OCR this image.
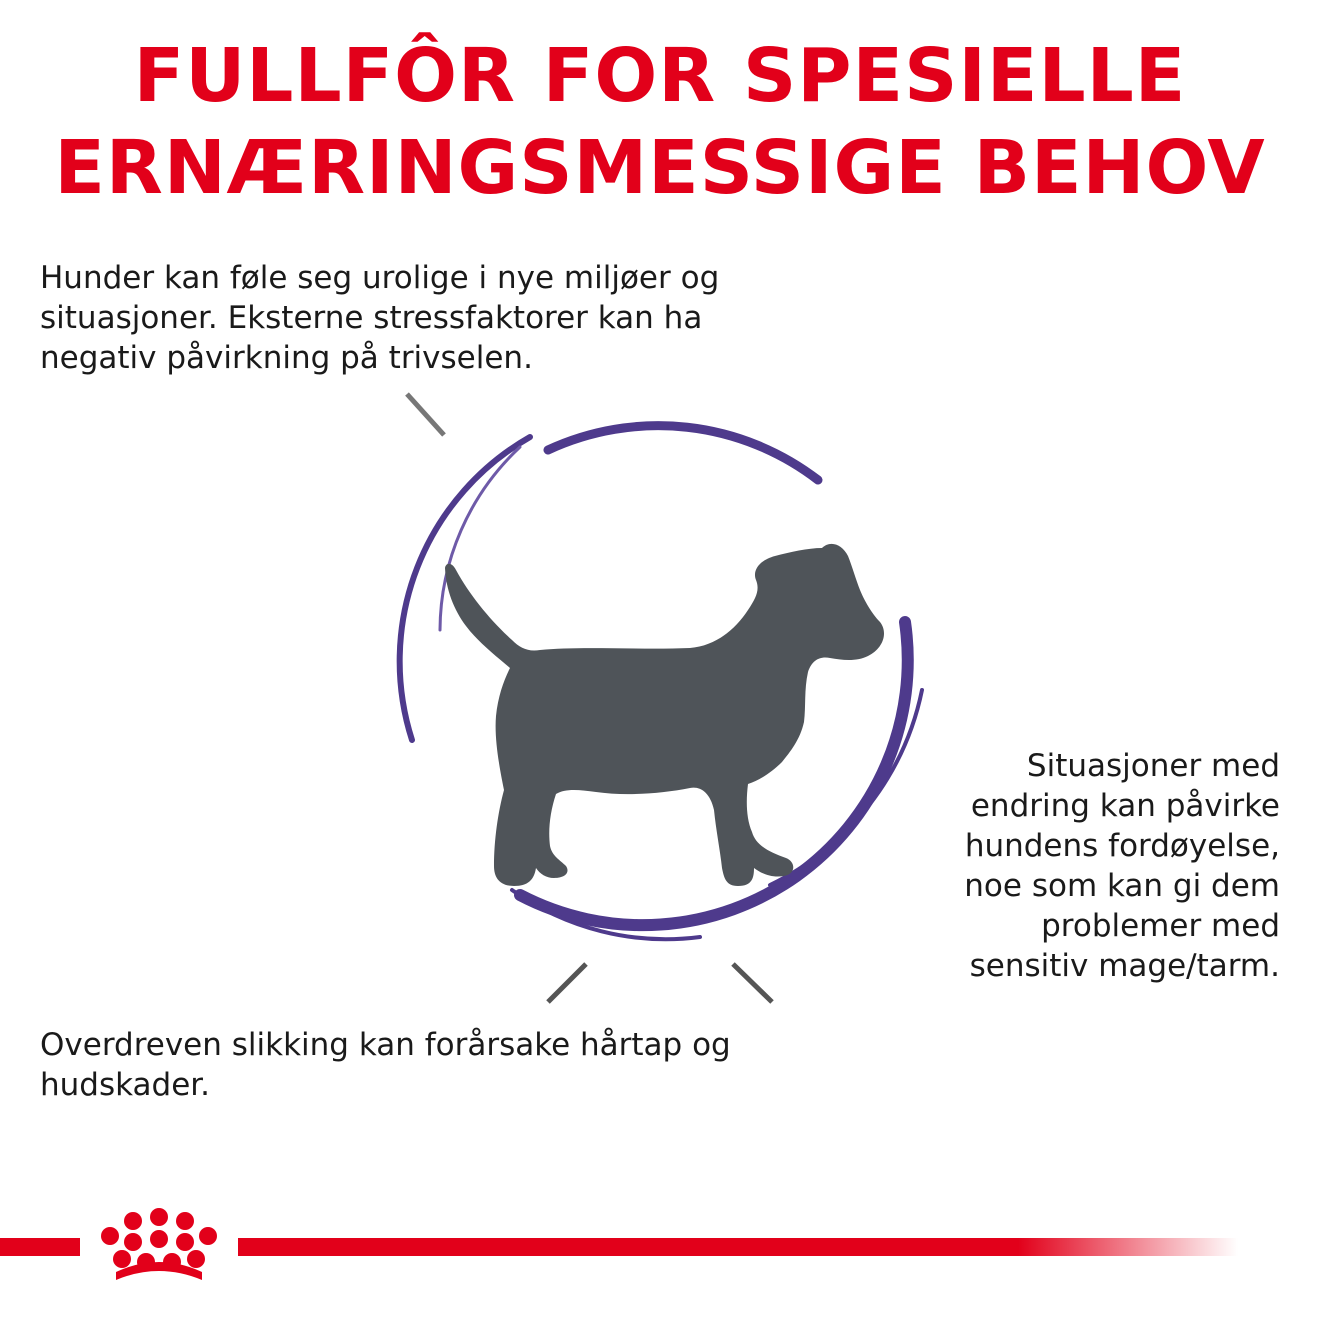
FULLFÔR FOR SPESIELLE
ERNÆRINGSMESSIGE BEHOV

Hunder kan føle seg urolige i nye miljøer og situasjoner. Eksterne stressfaktorer kan ha negativ påvirkning på trivselen.

Overdreven slikking kan forårsake hårtap og hudskader.

Situasjoner med
endring kan påvirke
hundens fordøyelse,
noe som kan gi dem
problemer med
sensitiv mage/tarm.
